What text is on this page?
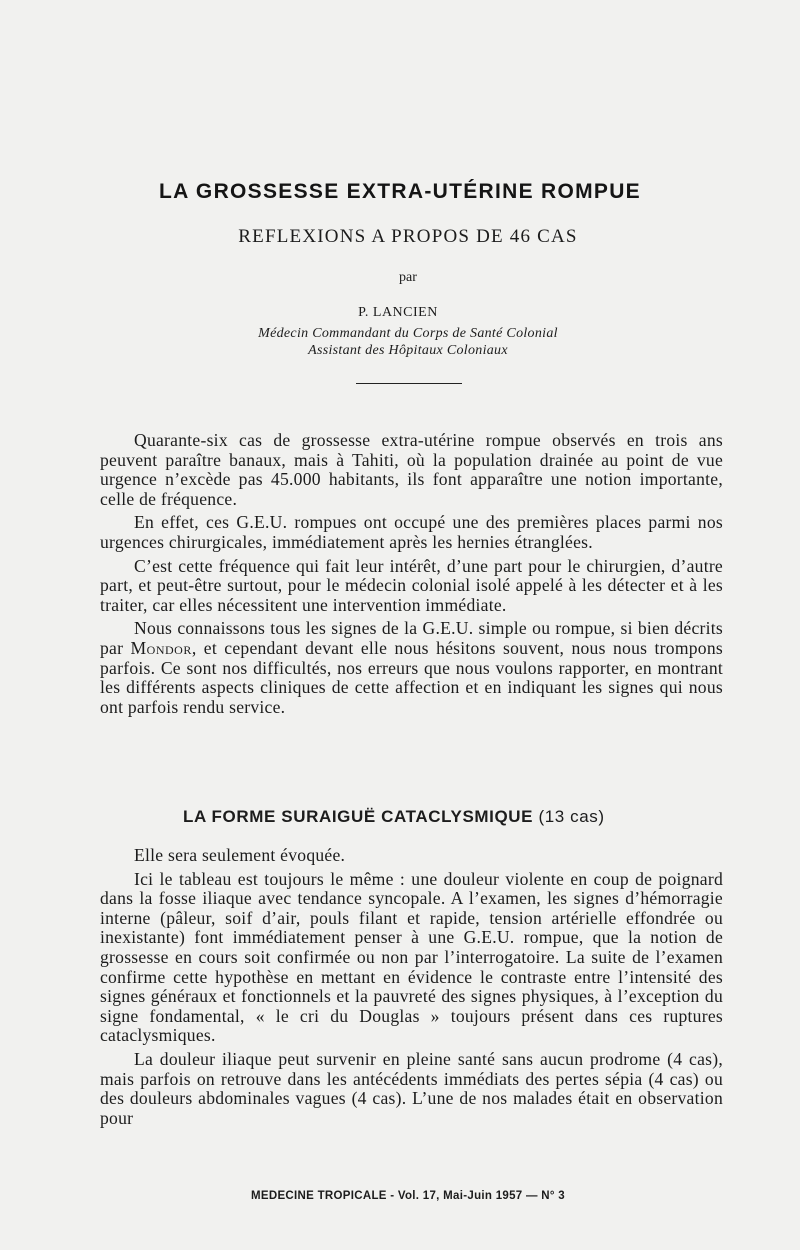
LA GROSSESSE EXTRA-UTÉRINE ROMPUE
REFLEXIONS A PROPOS DE 46 CAS
par
P. LANCIEN
Médecin Commandant du Corps de Santé Colonial
Assistant des Hôpitaux Coloniaux

Quarante-six cas de grossesse extra-utérine rompue observés en trois ans peuvent paraître banaux, mais à Tahiti, où la population drainée au point de vue urgence n’excède pas 45.000 habitants, ils font apparaître une notion importante, celle de fréquence.

En effet, ces G.E.U. rompues ont occupé une des premières places parmi nos urgences chirurgicales, immédiatement après les hernies étranglées.

C’est cette fréquence qui fait leur intérêt, d’une part pour le chirurgien, d’autre part, et peut-être surtout, pour le médecin colonial isolé appelé à les détecter et à les traiter, car elles nécessitent une intervention immédiate.

Nous connaissons tous les signes de la G.E.U. simple ou rompue, si bien décrits par Mondor, et cependant devant elle nous hésitons souvent, nous nous trompons parfois. Ce sont nos difficultés, nos erreurs que nous voulons rapporter, en montrant les différents aspects cliniques de cette affection et en indiquant les signes qui nous ont parfois rendu service.

LA FORME SURAIGUË CATACLYSMIQUE (13 cas)

Elle sera seulement évoquée.

Ici le tableau est toujours le même : une douleur violente en coup de poignard dans la fosse iliaque avec tendance syncopale. A l’examen, les signes d’hémorragie interne (pâleur, soif d’air, pouls filant et rapide, tension artérielle effondrée ou inexistante) font immédiatement penser à une G.E.U. rompue, que la notion de grossesse en cours soit confirmée ou non par l’interrogatoire. La suite de l’examen confirme cette hypothèse en mettant en évidence le contraste entre l’intensité des signes généraux et fonctionnels et la pauvreté des signes physiques, à l’exception du signe fondamental, « le cri du Douglas » toujours présent dans ces ruptures cataclysmiques.

La douleur iliaque peut survenir en pleine santé sans aucun prodrome (4 cas), mais parfois on retrouve dans les antécédents immédiats des pertes sépia (4 cas) ou des douleurs abdominales vagues (4 cas). L’une de nos malades était en observation pour

MEDECINE TROPICALE - Vol. 17, Mai-Juin 1957 — N° 3
